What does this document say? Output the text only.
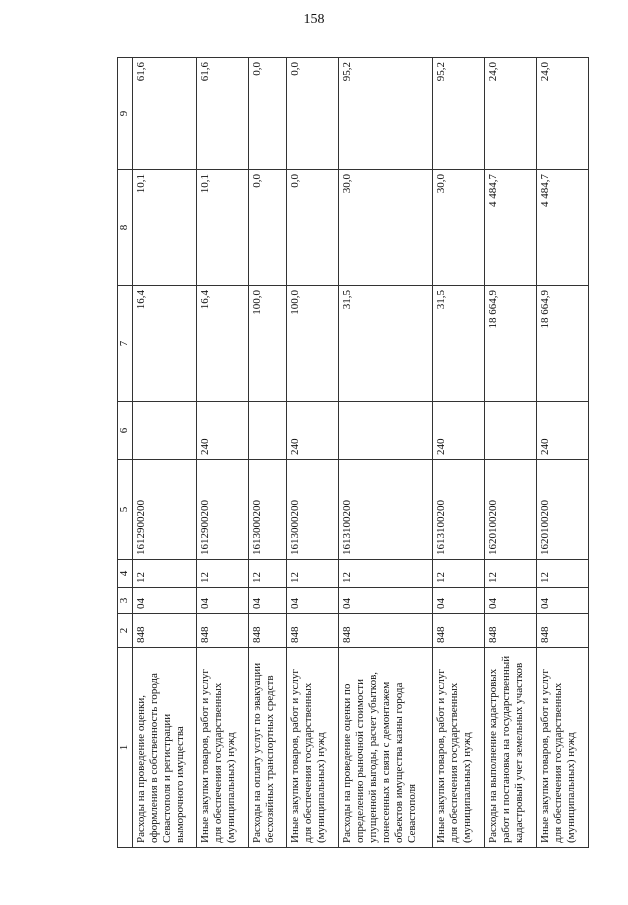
158
1	2	3	4	5	6	7	8	9
Расходы на проведение оценки, оформления в собственность города Севастополя и регистрации выморочного имущества	848	04	12	1612900200		16,4	10,1	61,6
Иные закупки товаров, работ и услуг для обеспечения государственных (муниципальных) нужд	848	04	12	1612900200	240	16,4	10,1	61,6
Расходы на оплату услуг по эвакуации бесхозяйных транспортных средств	848	04	12	1613000200		100,0	0,0	0,0
Иные закупки товаров, работ и услуг для обеспечения государственных (муниципальных) нужд	848	04	12	1613000200	240	100,0	0,0	0,0
Расходы на проведение оценки по определению рыночной стоимости упущенной выгоды, расчет убытков, понесенных в связи с демонтажем объектов имущества казны города Севастополя	848	04	12	1613100200		31,5	30,0	95,2
Иные закупки товаров, работ и услуг для обеспечения государственных (муниципальных) нужд	848	04	12	1613100200	240	31,5	30,0	95,2
Расходы на выполнение кадастровых работ и постановка на государственный кадастровый учет земельных участков	848	04	12	1620100200		18 664,9	4 484,7	24,0
Иные закупки товаров, работ и услуг для обеспечения государственных (муниципальных) нужд	848	04	12	1620100200	240	18 664,9	4 484,7	24,0
